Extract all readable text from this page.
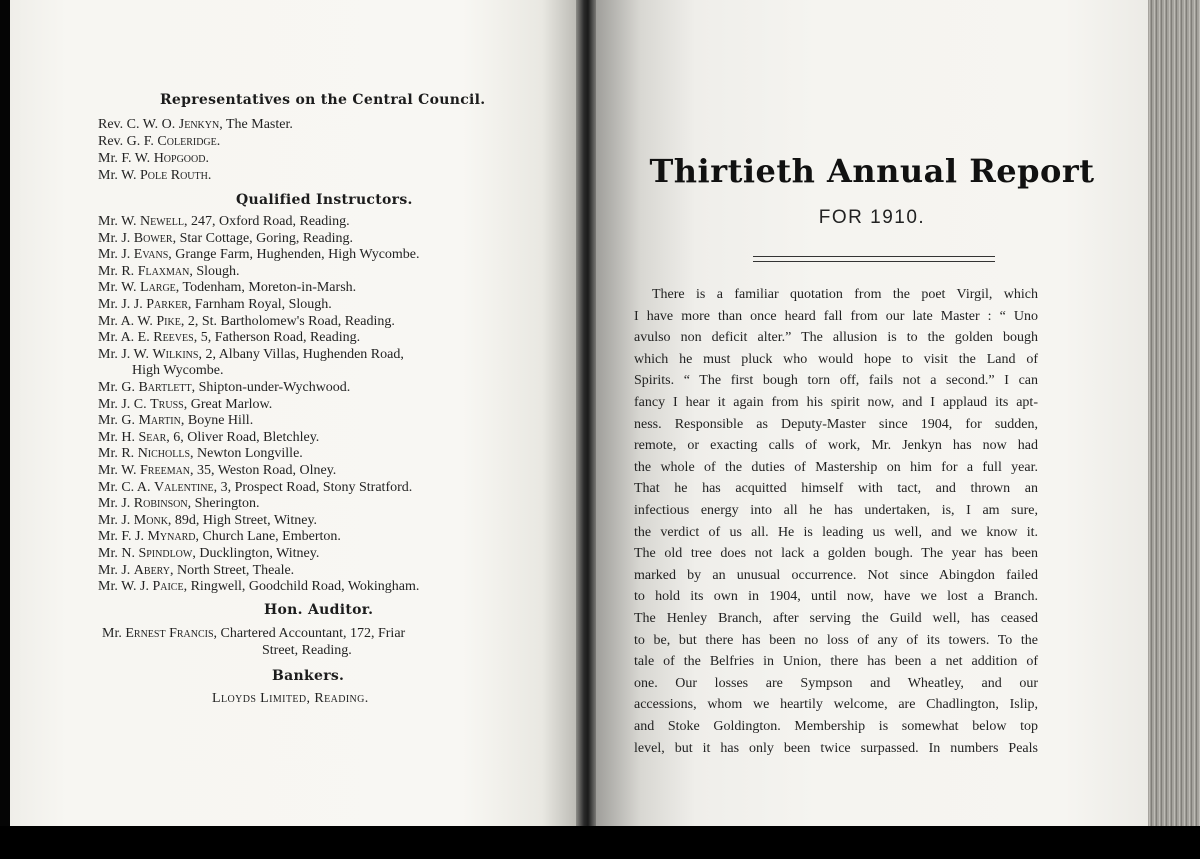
Representatives on the Central Council.
Rev. C. W. O. Jenkyn, The Master.
Rev. G. F. Coleridge.
Mr. F. W. Hopgood.
Mr. W. Pole Routh.
Qualified Instructors.
Mr. W. Newell, 247, Oxford Road, Reading.
Mr. J. Bower, Star Cottage, Goring, Reading.
Mr. J. Evans, Grange Farm, Hughenden, High Wycombe.
Mr. R. Flaxman, Slough.
Mr. W. Large, Todenham, Moreton-in-Marsh.
Mr. J. J. Parker, Farnham Royal, Slough.
Mr. A. W. Pike, 2, St. Bartholomew's Road, Reading.
Mr. A. E. Reeves, 5, Fatherson Road, Reading.
Mr. J. W. Wilkins, 2, Albany Villas, Hughenden Road,
High Wycombe.
Mr. G. Bartlett, Shipton-under-Wychwood.
Mr. J. C. Truss, Great Marlow.
Mr. G. Martin, Boyne Hill.
Mr. H. Sear, 6, Oliver Road, Bletchley.
Mr. R. Nicholls, Newton Longville.
Mr. W. Freeman, 35, Weston Road, Olney.
Mr. C. A. Valentine, 3, Prospect Road, Stony Stratford.
Mr. J. Robinson, Sherington.
Mr. J. Monk, 89d, High Street, Witney.
Mr. F. J. Mynard, Church Lane, Emberton.
Mr. N. Spindlow, Ducklington, Witney.
Mr. J. Abery, North Street, Theale.
Mr. W. J. Paice, Ringwell, Goodchild Road, Wokingham.
Hon. Auditor.
Mr. Ernest Francis, Chartered Accountant, 172, Friar
Street, Reading.
Bankers.
Lloyds Limited, Reading.
Thirtieth Annual Report
FOR 1910.
There is a familiar quotation from the poet Virgil, which
I have more than once heard fall from our late Master : “ Uno
avulso non deficit alter.” The allusion is to the golden bough
which he must pluck who would hope to visit the Land of
Spirits. “ The first bough torn off, fails not a second.” I can
fancy I hear it again from his spirit now, and I applaud its apt-
ness. Responsible as Deputy-Master since 1904, for sudden,
remote, or exacting calls of work, Mr. Jenkyn has now had
the whole of the duties of Mastership on him for a full year.
That he has acquitted himself with tact, and thrown an
infectious energy into all he has undertaken, is, I am sure,
the verdict of us all. He is leading us well, and we know it.
The old tree does not lack a golden bough. The year has been
marked by an unusual occurrence. Not since Abingdon failed
to hold its own in 1904, until now, have we lost a Branch.
The Henley Branch, after serving the Guild well, has ceased
to be, but there has been no loss of any of its towers. To the
tale of the Belfries in Union, there has been a net addition of
one. Our losses are Sympson and Wheatley, and our
accessions, whom we heartily welcome, are Chadlington, Islip,
and Stoke Goldington. Membership is somewhat below top
level, but it has only been twice surpassed. In numbers Peals
